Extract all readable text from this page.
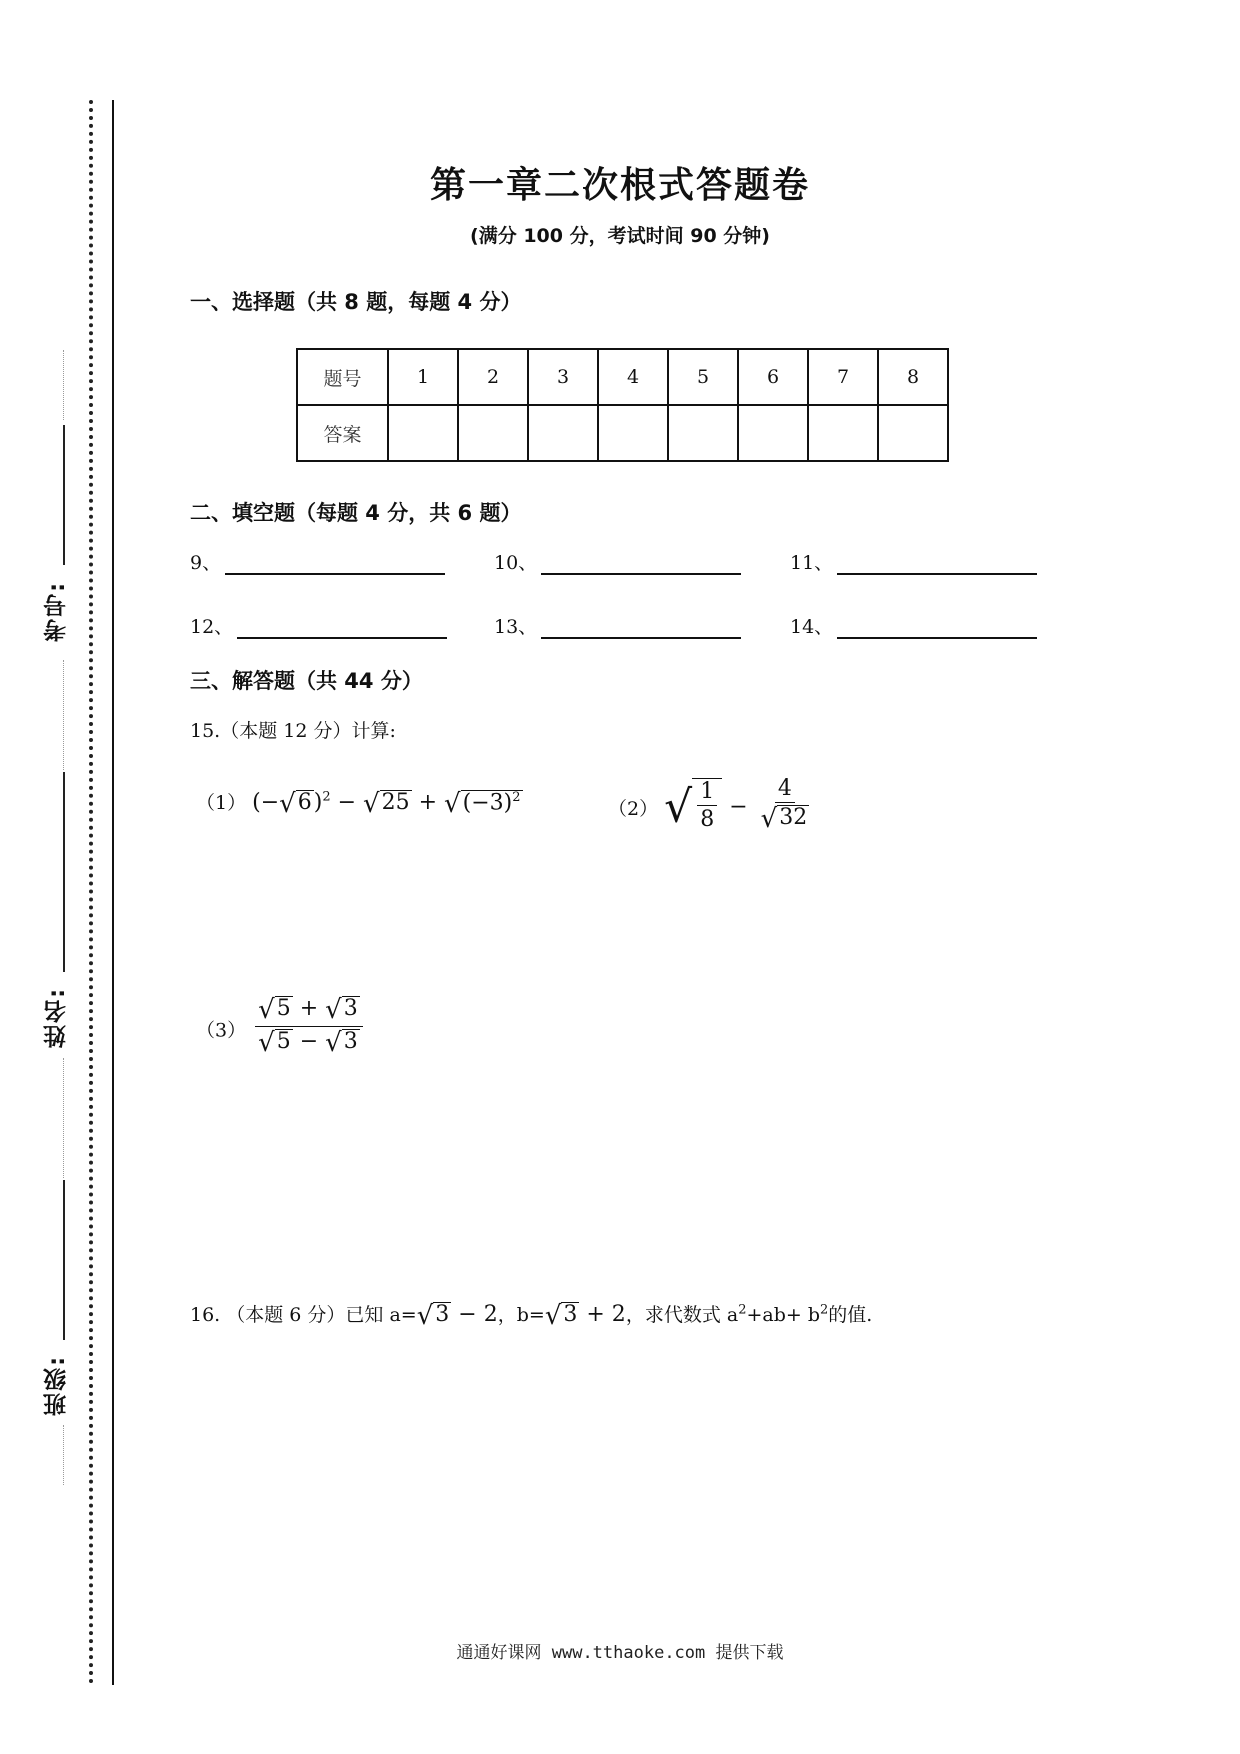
考号:
姓名:
班级:
第一章二次根式答题卷
(满分 100 分，考试时间 90 分钟)
一、选择题（共 8 题，每题 4 分）
题号	1	2	3	4	5	6	7	8
答案								
二、填空题（每题 4 分，共 6 题）
9、	10、	11、
12、	13、	14、
三、解答题（共 44 分）
15.（本题 12 分）计算:
（1） $(-√6)^2 - √25 + √(-3)^2$
（2） √ $\frac{1}{8} - \frac{4}{√32}$
$(3) \frac{√5 + √3}{√5 - √3}$
16. （本题 6 分）已知 a=√3 − 2，b=√3 + 2，求代数式 $a^2+ab+ b^2$的值.
通通好课网 www.tthaoke.com 提供下载
